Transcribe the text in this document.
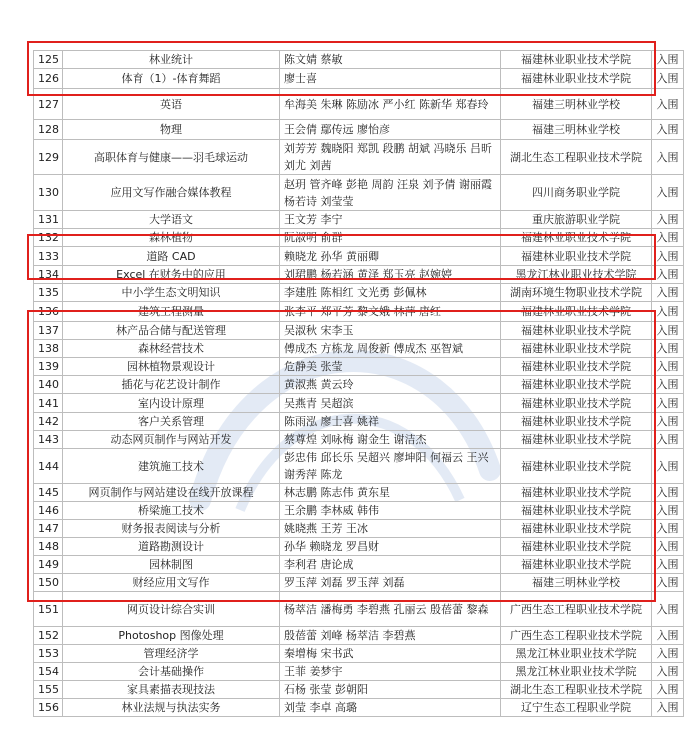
125	林业统计	陈文婧 蔡敏	福建林业职业技术学院	入围
126	体育（1）-体育舞蹈	廖士喜	福建林业职业技术学院	入围
127	英语	牟海美 朱琳 陈励冰 严小红 陈新华 郑春玲	福建三明林业学校	入围
128	物理	王会倩 鄢传远 廖怡彦	福建三明林业学校	入围
129	高职体育与健康——羽毛球运动	刘芳芳 魏晓阳 郑凯 段鹏 胡斌 冯晓乐 吕昕 刘尤 刘茜	湖北生态工程职业技术学院	入围
130	应用文写作融合媒体教程	赵玥 管齐峰 彭艳 周韵 汪泉 刘予倩 谢丽霞 杨若诗 刘莹莹	四川商务职业学院	入围
131	大学语文	王文芳 李宁	重庆旅游职业学院	入围
132	森林植物	阮淑明 俞群	福建林业职业技术学院	入围
133	道路 CAD	赖晓龙 孙华 黄丽卿	福建林业职业技术学院	入围
134	Excel 在财务中的应用	刘珺鹏 杨若涵 黄泽 郑玉亮 赵婉婷	黑龙江林业职业技术学院	入围
135	中小学生态文明知识	李建胜 陈相红 文光勇 彭佩林	湖南环境生物职业技术学院	入围
136	建筑工程测量	张李平 郑平芳 黎文娥 林萍 唐红	福建林业职业技术学院	入围
137	林产品合储与配送管理	吴淑秋 宋李玉	福建林业职业技术学院	入围
138	森林经营技术	傅成杰 方栋龙 周俊新 傅成杰 巫智斌	福建林业职业技术学院	入围
139	园林植物景观设计	危静美 张莹	福建林业职业技术学院	入围
140	插花与花艺设计制作	黄淑燕 黄云玲	福建林业职业技术学院	入围
141	室内设计原理	吴燕青 吴超滨	福建林业职业技术学院	入围
142	客户关系管理	陈雨泓 廖士喜 姚祥	福建林业职业技术学院	入围
143	动态网页制作与网站开发	蔡尊煌 刘咏梅 谢金生 谢洁杰	福建林业职业技术学院	入围
144	建筑施工技术	彭忠伟 邱长乐 吴超兴 廖坤阳 何福云 王兴 谢秀萍 陈龙	福建林业职业技术学院	入围
145	网页制作与网站建设在线开放课程	林志鹏 陈志伟 黄东星	福建林业职业技术学院	入围
146	桥梁施工技术	王余鹏 李林威 韩伟	福建林业职业技术学院	入围
147	财务报表阅读与分析	姚晓燕 王芳 王冰	福建林业职业技术学院	入围
148	道路勘测设计	孙华 赖晓龙 罗昌财	福建林业职业技术学院	入围
149	园林制图	李利君 唐论成	福建林业职业技术学院	入围
150	财经应用文写作	罗玉萍 刘磊 罗玉萍 刘磊	福建三明林业学校	入围
151	网页设计综合实训	杨萃洁 潘梅勇 李碧燕 孔丽云 殷蓓蕾 黎森	广西生态工程职业技术学院	入围
152	Photoshop 图像处理	殷蓓蕾 刘峰 杨萃洁 李碧燕	广西生态工程职业技术学院	入围
153	管理经济学	秦增梅 宋书武	黑龙江林业职业技术学院	入围
154	会计基础操作	王菲 姜梦宇	黑龙江林业职业技术学院	入围
155	家具素描表现技法	石杨 张莹 彭朝阳	湖北生态工程职业技术学院	入围
156	林业法规与执法实务	刘莹 李卓 高璐	辽宁生态工程职业学院	入围
